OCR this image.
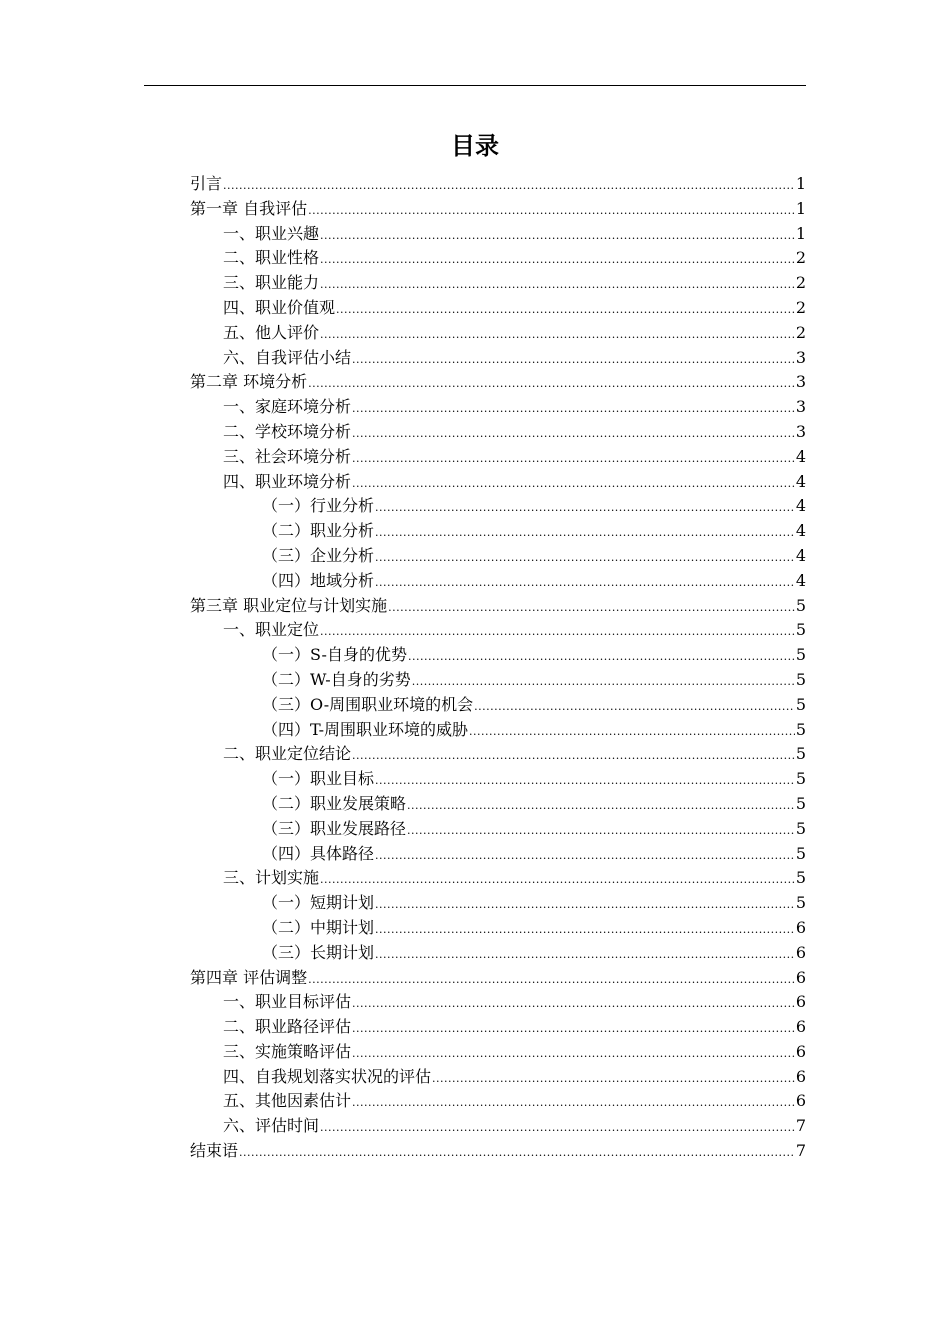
目录
引言 .....	1
第一章 自我评估 .....	1
一、职业兴趣 .....	1
二、职业性格 .....	2
三、职业能力 .....	2
四、职业价值观 .....	2
五、他人评价 .....	2
六、自我评估小结 .....	3
第二章 环境分析 .....	3
一、家庭环境分析 .....	3
二、学校环境分析 .....	3
三、社会环境分析 .....	4
四、职业环境分析 .....	4
（一）行业分析 .....	4
（二）职业分析 .....	4
（三）企业分析 .....	4
（四）地域分析 .....	4
第三章 职业定位与计划实施 .....	5
一、职业定位 .....	5
（一）S-自身的优势 .....	5
（二）W-自身的劣势 .....	5
（三）O-周围职业环境的机会 .....	5
（四）T-周围职业环境的威胁 .....	5
二、职业定位结论 .....	5
（一）职业目标 .....	5
（二）职业发展策略 .....	5
（三）职业发展路径 .....	5
（四）具体路径 .....	5
三、计划实施 .....	5
（一）短期计划 .....	5
（二）中期计划 .....	6
（三）长期计划 .....	6
第四章 评估调整 .....	6
一、职业目标评估 .....	6
二、职业路径评估 .....	6
三、实施策略评估 .....	6
四、自我规划落实状况的评估 .....	6
五、其他因素估计 .....	6
六、评估时间 .....	7
结束语 .....	7
